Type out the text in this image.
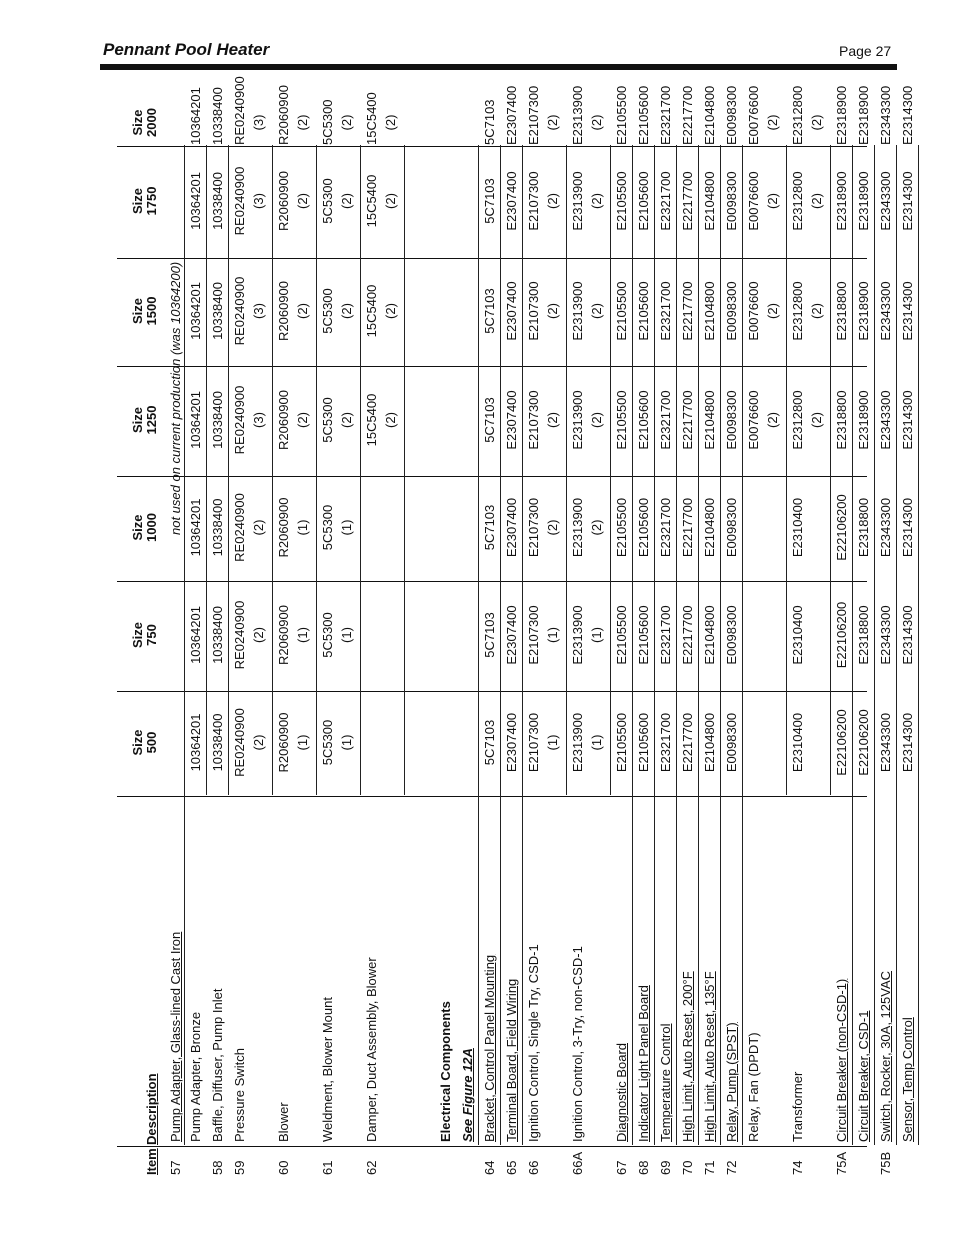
Pennant Pool Heater	Page 27
Item
Description
Size 500
Size 750
Size 1000
Size 1250
Size 1500
Size 1750
Size 2000
57
Pump Adapter, Glass-lined Cast Iron
not used on current production (was 10364200)
Pump Adapter, Bronze
10364201
10364201
10364201
10364201
10364201
10364201
10364201
58
Baffle, Diffuser, Pump Inlet
10338400
10338400
10338400
10338400
10338400
10338400
10338400
59
Pressure Switch
RE0240900
RE0240900
RE0240900
RE0240900
RE0240900
RE0240900
RE0240900
(2)
(2)
(2)
(3)
(3)
(3)
(3)
60
Blower
R2060900
R2060900
R2060900
R2060900
R2060900
R2060900
R2060900
(1)
(1)
(1)
(2)
(2)
(2)
(2)
61
Weldment, Blower Mount
5C5300
5C5300
5C5300
5C5300
5C5300
5C5300
5C5300
(1)
(1)
(1)
(2)
(2)
(2)
(2)
62
Damper, Duct Assembly, Blower
15C5400
15C5400
15C5400
15C5400
(2)
(2)
(2)
(2)
Electrical Components See Figure 12A
64
Bracket, Control Panel Mounting
5C7103
5C7103
5C7103
5C7103
5C7103
5C7103
5C7103
65
Terminal Board, Field Wiring
E2307400
E2307400
E2307400
E2307400
E2307400
E2307400
E2307400
66
Ignition Control, Single Try, CSD-1
E2107300
E2107300
E2107300
E2107300
E2107300
E2107300
E2107300
(1)
(1)
(2)
(2)
(2)
(2)
(2)
66A
Ignition Control, 3-Try, non-CSD-1
E2313900
E2313900
E2313900
E2313900
E2313900
E2313900
E2313900
(1)
(1)
(2)
(2)
(2)
(2)
(2)
67
Diagnostic Board
E2105500
E2105500
E2105500
E2105500
E2105500
E2105500
E2105500
68
Indicator Light Panel Board
E2105600
E2105600
E2105600
E2105600
E2105600
E2105600
E2105600
69
Temperature Control
E2321700
E2321700
E2321700
E2321700
E2321700
E2321700
E2321700
70
High Limit, Auto Reset, 200°F
E2217700
E2217700
E2217700
E2217700
E2217700
E2217700
E2217700
71
High Limit, Auto Reset, 135°F
E2104800
E2104800
E2104800
E2104800
E2104800
E2104800
E2104800
72
Relay, Pump (SPST)
E0098300
E0098300
E0098300
E0098300
E0098300
E0098300
E0098300
Relay, Fan (DPDT)
E0076600
E0076600
E0076600
E0076600
(2)
(2)
(2)
(2)
74
Transformer
E2310400
E2310400
E2310400
E2312800
E2312800
E2312800
E2312800
(2)
(2)
(2)
(2)
75A
Circuit Breaker (non-CSD-1)
E22106200
E22106200
E22106200
E2318800
E2318800
E2318900
E2318900
Circuit Breaker, CSD-1
E22106200
E2318800
E2318800
E2318900
E2318900
E2318900
E2318900
75B
Switch, Rocker, 30A, 125VAC
E2343300
E2343300
E2343300
E2343300
E2343300
E2343300
E2343300
Sensor, Temp Control
E2314300
E2314300
E2314300
E2314300
E2314300
E2314300
E2314300
